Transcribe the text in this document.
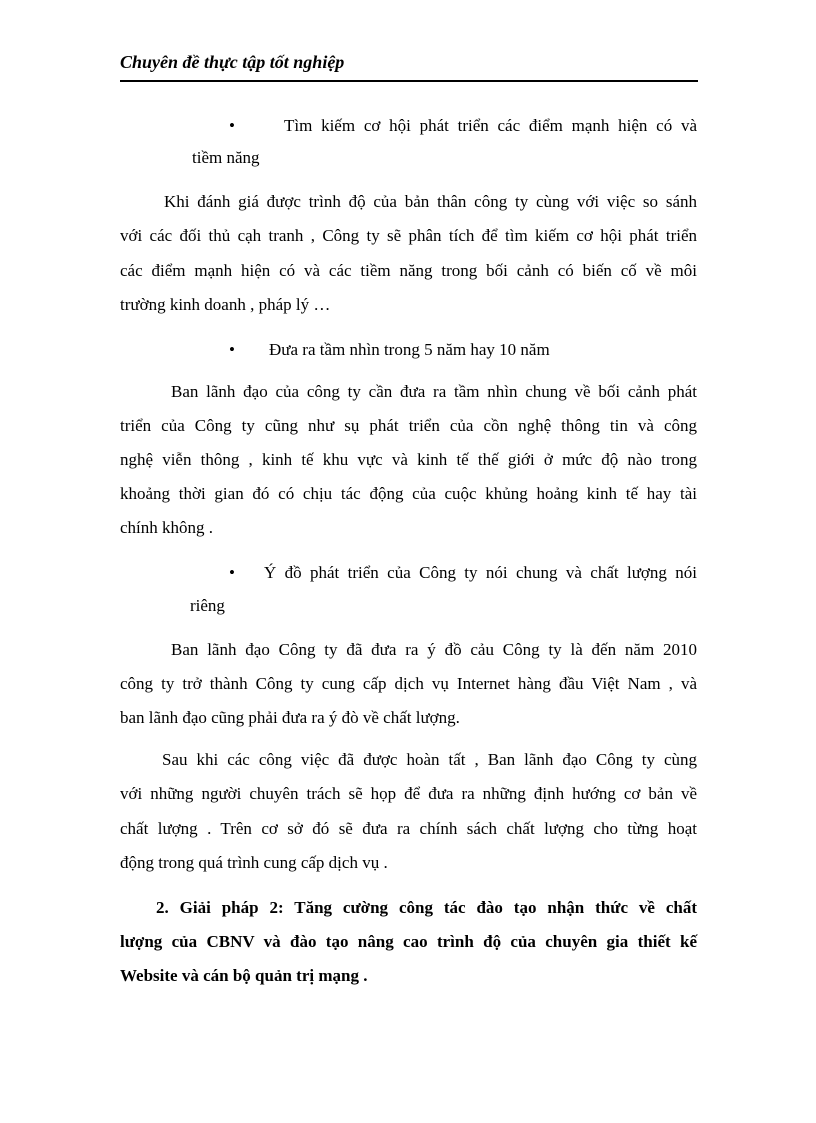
Chuyên đề thực tập tốt nghiệp
•	Tìm kiếm cơ hội phát triển các điểm mạnh hiện có và
tiềm năng
Khi đánh giá được trình độ của bản thân công ty cùng với việc so sánh
với các đối thủ cạh tranh , Công ty sẽ phân tích để tìm kiếm cơ hội phát triển
các điểm mạnh hiện có và các tiềm năng trong bối cảnh có biến cố về môi
trường kinh doanh , pháp lý …
• Đưa ra tầm nhìn trong 5 năm hay 10 năm
Ban lãnh đạo của công ty cần đưa ra tầm nhìn chung về bối cảnh phát
triển của Công ty cũng như sụ phát triển của cồn nghệ thông tin và công
nghệ viễn thông , kinh tế khu vực và kinh tế thế giới ở mức độ nào trong
khoảng thời gian đó có chịu tác động của cuộc khủng hoảng kinh tế hay tài
chính không .
• Ý đồ phát triển của Công ty nói chung và chất lượng nói
riêng
Ban lãnh đạo Công ty đã đưa ra ý đồ cảu Công ty là đến năm 2010
công ty trở thành Công ty cung cấp dịch vụ Internet hàng đầu Việt Nam , và
ban lãnh đạo cũng phải đưa ra ý đò về chất lượng.
Sau khi các công việc đã được hoàn tất , Ban lãnh đạo Công ty cùng
với những người chuyên trách sẽ họp để đưa ra những định hướng cơ bản về
chất lượng . Trên cơ sở đó sẽ đưa ra chính sách chất lượng cho từng hoạt
động trong quá trình cung cấp dịch vụ .
2. Giải pháp 2: Tăng cường công tác đào tạo nhận thức về chất
lượng của CBNV và đào tạo nâng cao trình độ của chuyên gia thiết kế
Website và cán bộ quản trị mạng .
